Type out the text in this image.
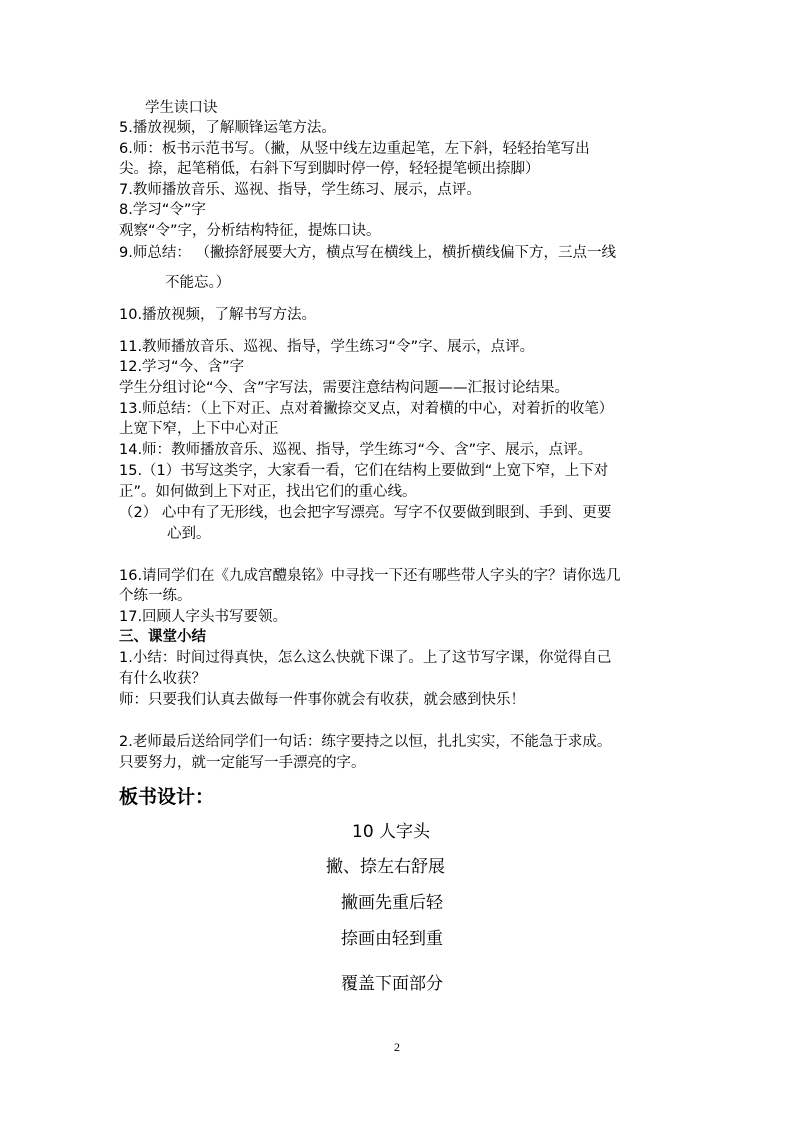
学生读口诀
5.播放视频，了解顺锋运笔方法。
6.师：板书示范书写。（撇，从竖中线左边重起笔，左下斜，轻轻抬笔写出
尖。捺，起笔稍低，右斜下写到脚时停一停，轻轻提笔顿出捺脚）
7.教师播放音乐、巡视、指导，学生练习、展示，点评。
8.学习“令”字
观察“令”字，分析结构特征，提炼口诀。
9.师总结： （撇捺舒展要大方，横点写在横线上，横折横线偏下方，三点一线
不能忘。）
10.播放视频，了解书写方法。
11.教师播放音乐、巡视、指导，学生练习“令”字、展示，点评。
12.学习“今、含”字
学生分组讨论“今、含”字写法，需要注意结构问题——汇报讨论结果。
13.师总结：（上下对正、点对着撇捺交叉点，对着横的中心，对着折的收笔）
上宽下窄，上下中心对正
14.师：教师播放音乐、巡视、指导，学生练习“今、含”字、展示，点评。
15.（1）书写这类字，大家看一看，它们在结构上要做到“上宽下窄，上下对
正”。如何做到上下对正，找出它们的重心线。
（2） 心中有了无形线，也会把字写漂亮。写字不仅要做到眼到、手到、更要
心到。
16.请同学们在《九成宫醴泉铭》中寻找一下还有哪些带人字头的字？请你选几
个练一练。
17.回顾人字头书写要领。
三、课堂小结
1.小结：时间过得真快，怎么这么快就下课了。上了这节写字课，你觉得自己
有什么收获？
师：只要我们认真去做每一件事你就会有收获，就会感到快乐！
2.老师最后送给同学们一句话：练字要持之以恒，扎扎实实，不能急于求成。
只要努力，就一定能写一手漂亮的字。
板书设计：
10 人字头
撇、捺左右舒展
撇画先重后轻
捺画由轻到重
覆盖下面部分
2
